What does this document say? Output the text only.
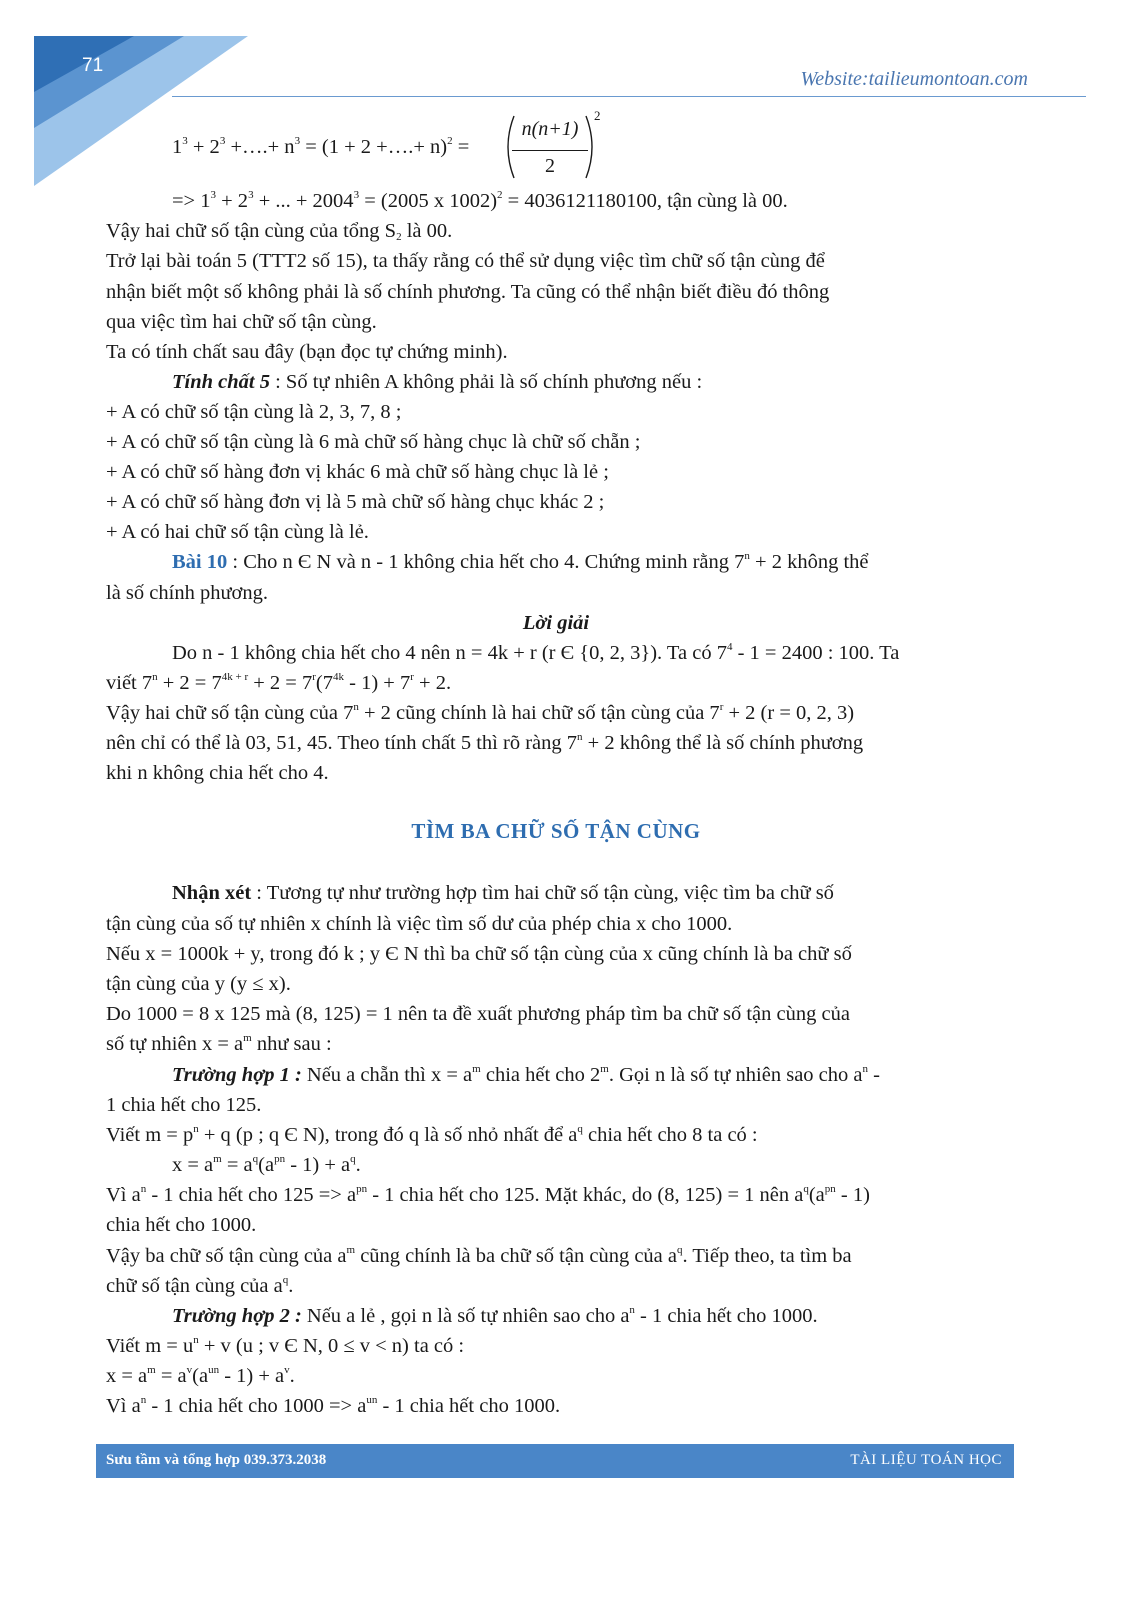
71
Website:tailieumontoan.com
$1^3 + 2^3$ +….+ $n^3 = (1 + 2$ +….+ n)$^2$ =
=> $1^3 + 2^3$ + ... + $2004^3 = (2005$ x 1002)$^2$ = 4036121180100, tận cùng là 00.
Vậy hai chữ số tận cùng của tổng $S_2$ là 00.
Trở lại bài toán 5 (TTT2 số 15), ta thấy rằng có thể sử dụng việc tìm chữ số tận cùng để
nhận biết một số không phải là số chính phương. Ta cũng có thể nhận biết điều đó thông
qua việc tìm hai chữ số tận cùng.
Ta có tính chất sau đây (bạn đọc tự chứng minh).
Tính chất 5 : Số tự nhiên A không phải là số chính phương nếu :
+ A có chữ số tận cùng là 2, 3, 7, 8 ;
+ A có chữ số tận cùng là 6 mà chữ số hàng chục là chữ số chẵn ;
+ A có chữ số hàng đơn vị khác 6 mà chữ số hàng chục là lẻ ;
+ A có chữ số hàng đơn vị là 5 mà chữ số hàng chục khác 2 ;
+ A có hai chữ số tận cùng là lẻ.
Bài 10 : Cho n Є N và n - 1 không chia hết cho 4. Chứng minh rằng $7^n + 2$ không thể
là số chính phương.
Lời giải
Do n - 1 không chia hết cho 4 nên n = 4k + r (r Є {0, 2, 3}). Ta có $7^4 - 1 = 2400$ : 100. Ta
viết $7^n + 2 = 7^{4k + r} + 2 = 7^r(7^{4k} - 1) + 7^r + 2$.
Vậy hai chữ số tận cùng của $7^n + 2$ cũng chính là hai chữ số tận cùng của $7^r + 2$ (r = 0, 2, 3)
nên chỉ có thể là 03, 51, 45. Theo tính chất 5 thì rõ ràng $7^n + 2$ không thể là số chính phương
khi n không chia hết cho 4.
TÌM BA CHỮ SỐ TẬN CÙNG
Nhận xét : Tương tự như trường hợp tìm hai chữ số tận cùng, việc tìm ba chữ số
tận cùng của số tự nhiên x chính là việc tìm số dư của phép chia x cho 1000.
Nếu x = 1000k + y, trong đó k ; y Є N thì ba chữ số tận cùng của x cũng chính là ba chữ số
tận cùng của y (y ≤ x).
Do 1000 = 8 x 125 mà (8, 125) = 1 nên ta đề xuất phương pháp tìm ba chữ số tận cùng của
số tự nhiên $x = a^m$ như sau :
Trường hợp 1 : Nếu a chẵn thì $x = a^m$ chia hết cho 2$^m$. Gọi n là số tự nhiên sao cho $a^n$ -
1 chia hết cho 125.
Viết $m = p^n + q$ (p ; q Є N), trong đó q là số nhỏ nhất để $a^q$ chia hết cho 8 ta có :
$x = a^m = a^q(a^{pn} - 1) + a^q$.
Vì $a^n - 1$ chia hết cho $125 => a^{pn} - 1$ chia hết cho 125. Mặt khác, do (8, 125) = 1 nên $a^q(a^{pn} - 1)$
chia hết cho 1000.
Vậy ba chữ số tận cùng của $a^m$ cũng chính là ba chữ số tận cùng của $a^q$. Tiếp theo, ta tìm ba
chữ số tận cùng của $a^q$.
Trường hợp 2 : Nếu a lẻ , gọi n là số tự nhiên sao cho $a^n - 1$ chia hết cho 1000.
Viết $m = u^n + v$ (u ; v Є N, 0 ≤ v < n) ta có :
$x = a^m = a^v(a^{un} - 1) + a^v$.
Vì $a^n - 1$ chia hết cho $1000 => a^{un} - 1$ chia hết cho 1000.
n(n+1)
2
2
Sưu tầm và tổng hợp 039.373.2038	TÀI LIỆU TOÁN HỌC
